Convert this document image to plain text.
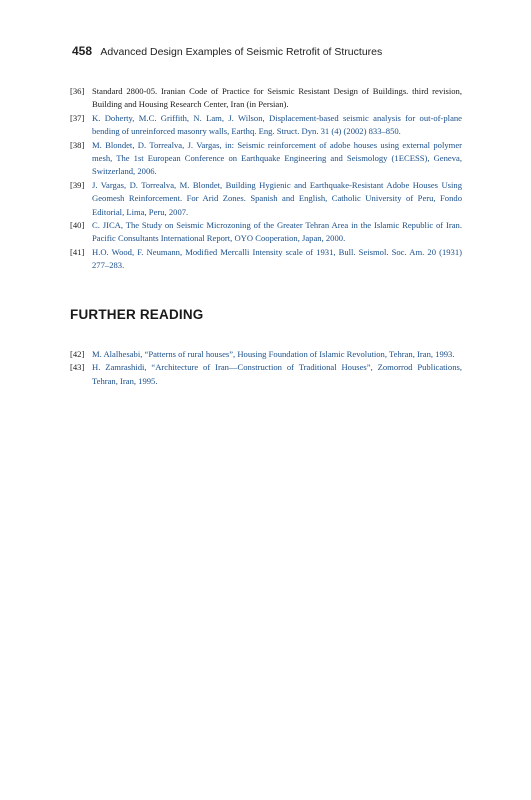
458 Advanced Design Examples of Seismic Retrofit of Structures
[36] Standard 2800-05. Iranian Code of Practice for Seismic Resistant Design of Buildings. third revision, Building and Housing Research Center, Iran (in Persian).
[37] K. Doherty, M.C. Griffith, N. Lam, J. Wilson, Displacement-based seismic analysis for out-of-plane bending of unreinforced masonry walls, Earthq. Eng. Struct. Dyn. 31 (4) (2002) 833–850.
[38] M. Blondet, D. Torrealva, J. Vargas, in: Seismic reinforcement of adobe houses using external polymer mesh, The 1st European Conference on Earthquake Engineering and Seismology (1ECESS), Geneva, Switzerland, 2006.
[39] J. Vargas, D. Torrealva, M. Blondet, Building Hygienic and Earthquake-Resistant Adobe Houses Using Geomesh Reinforcement. For Arid Zones. Spanish and English, Catholic University of Peru, Fondo Editorial, Lima, Peru, 2007.
[40] C. JICA, The Study on Seismic Microzoning of the Greater Tehran Area in the Islamic Republic of Iran. Pacific Consultants International Report, OYO Cooperation, Japan, 2000.
[41] H.O. Wood, F. Neumann, Modified Mercalli Intensity scale of 1931, Bull. Seismol. Soc. Am. 20 (1931) 277–283.
FURTHER READING
[42] M. Alalhesabi, “Patterns of rural houses”, Housing Foundation of Islamic Revolution, Tehran, Iran, 1993.
[43] H. Zamrashidi, “Architecture of Iran—Construction of Traditional Houses”, Zomorrod Publications, Tehran, Iran, 1995.
